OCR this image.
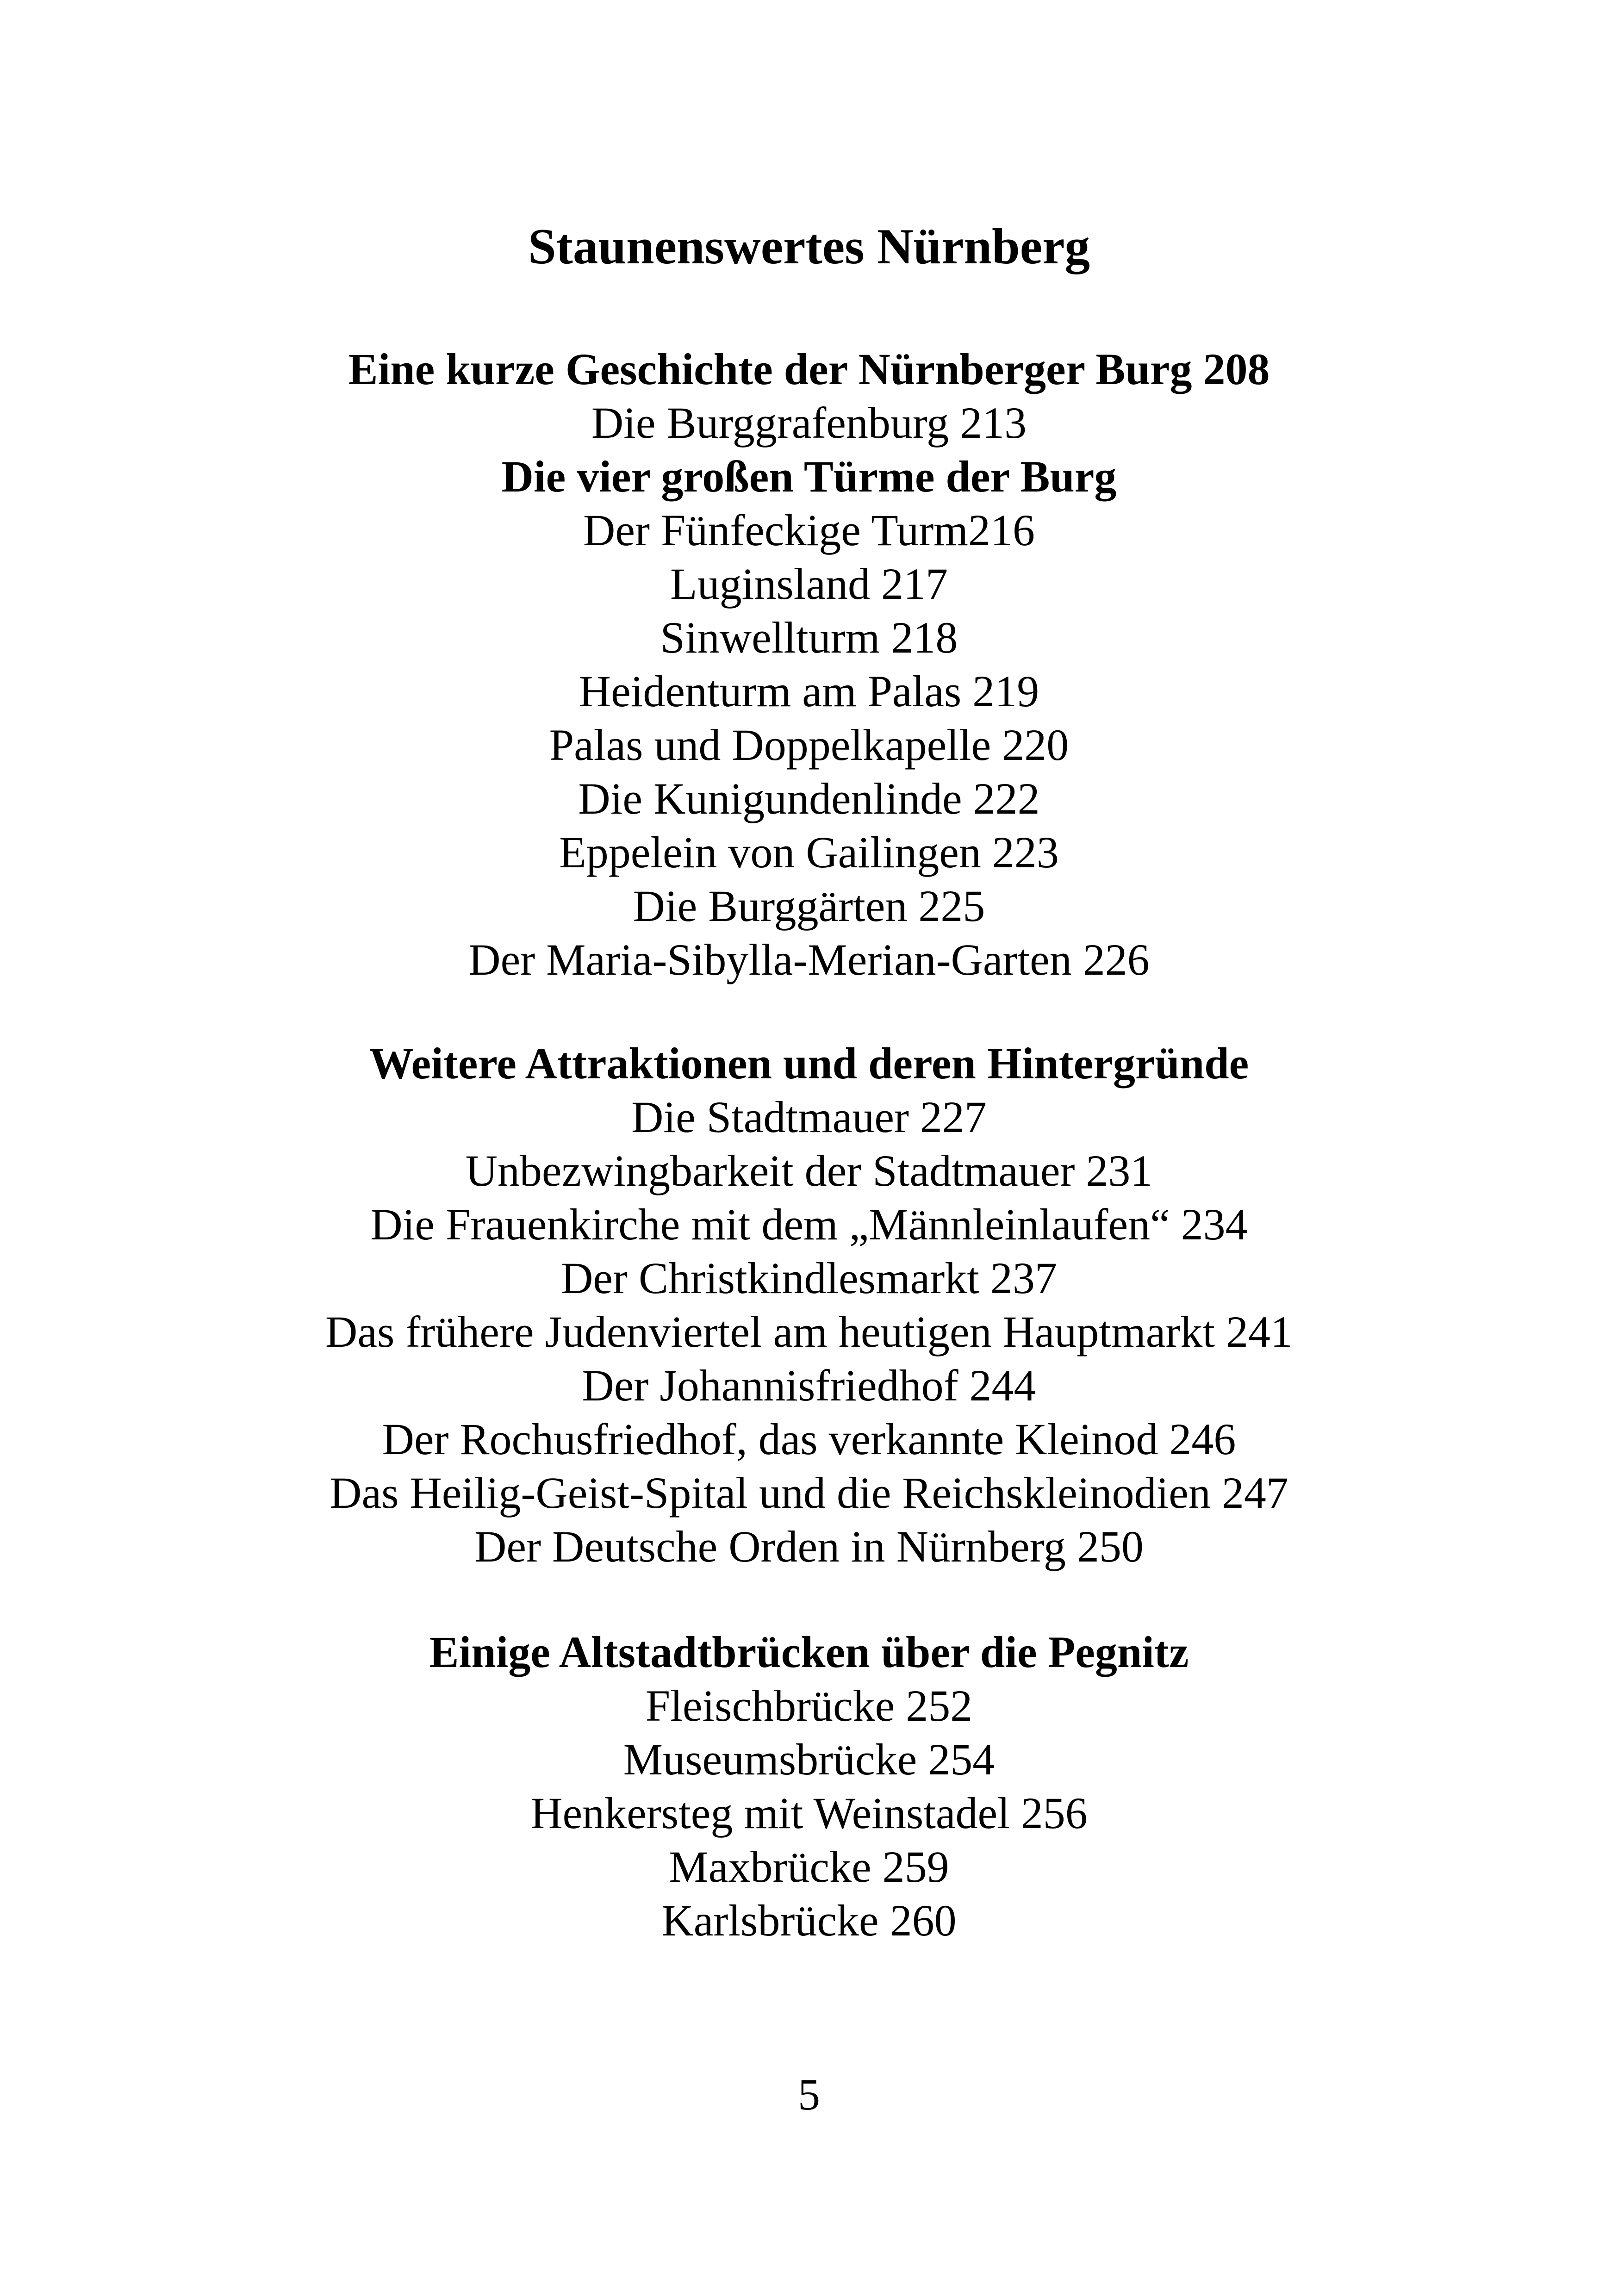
Staunenswertes Nürnberg
Eine kurze Geschichte der Nürnberger Burg 208
Die Burggrafenburg 213
Die vier großen Türme der Burg
Der Fünfeckige Turm216
Luginsland 217
Sinwellturm 218
Heidenturm am Palas 219
Palas und Doppelkapelle 220
Die Kunigundenlinde 222
Eppelein von Gailingen 223
Die Burggärten 225
Der Maria-Sibylla-Merian-Garten 226
Weitere Attraktionen und deren Hintergründe
Die Stadtmauer 227
Unbezwingbarkeit der Stadtmauer 231
Die Frauenkirche mit dem „Männleinlaufen“ 234
Der Christkindlesmarkt 237
Das frühere Judenviertel am heutigen Hauptmarkt 241
Der Johannisfriedhof 244
Der Rochusfriedhof, das verkannte Kleinod 246
Das Heilig-Geist-Spital und die Reichskleinodien 247
Der Deutsche Orden in Nürnberg 250
Einige Altstadtbrücken über die Pegnitz
Fleischbrücke 252
Museumsbrücke 254
Henkersteg mit Weinstadel 256
Maxbrücke 259
Karlsbrücke 260
5
